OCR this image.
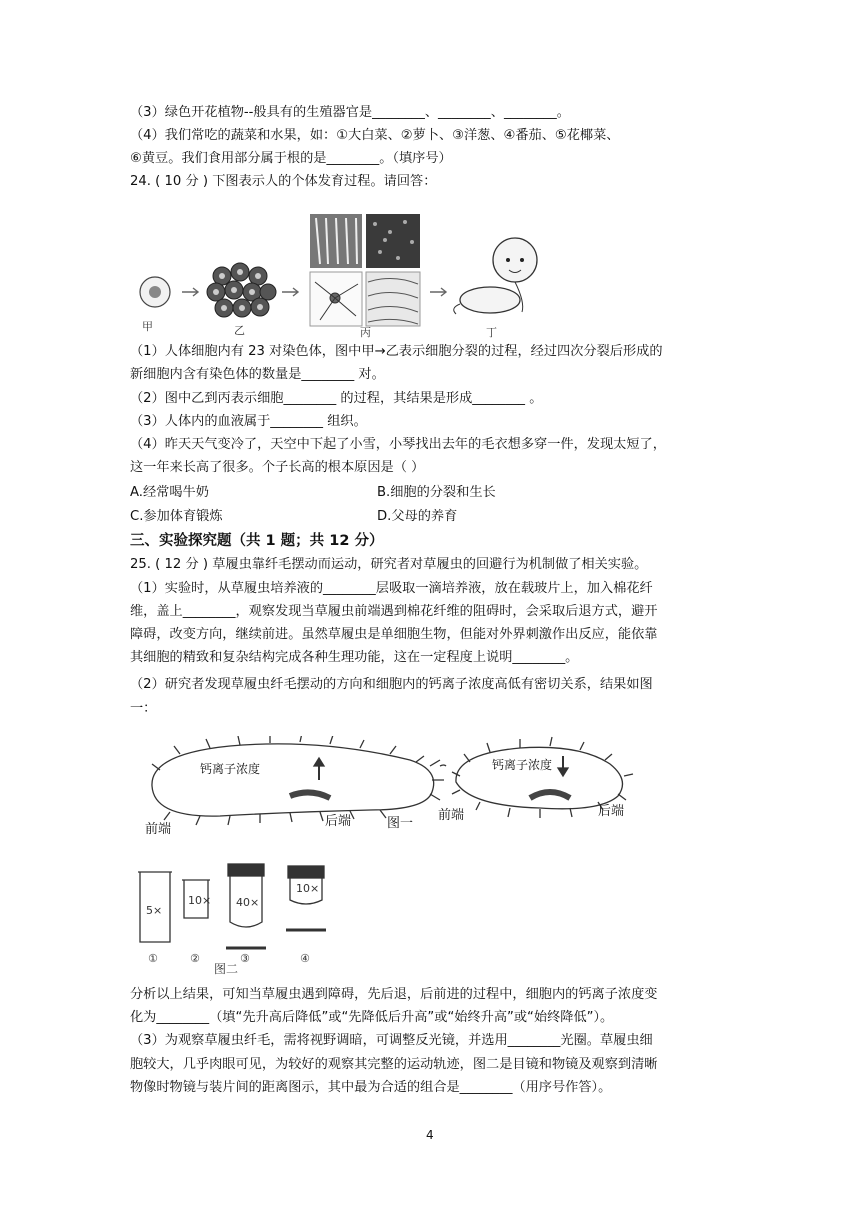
（3）绿色开花植物--般具有的生殖器官是________、________、________。
（4）我们常吃的蔬菜和水果，如：①大白菜、②萝卜、③洋葱、④番茄、⑤花椰菜、
⑥黄豆。我们食用部分属于根的是________。（填序号）
24. ( 10 分 ) 下图表示人的个体发育过程。请回答：
甲	乙	丙	丁
（1）人体细胞内有 23 对染色体，图中甲→乙表示细胞分裂的过程，经过四次分裂后形成的
新细胞内含有染色体的数量是________ 对。
（2）图中乙到丙表示细胞________ 的过程，其结果是形成________ 。
（3）人体内的血液属于________ 组织。
（4）昨天天气变冷了，天空中下起了小雪，小琴找出去年的毛衣想多穿一件，发现太短了，
这一年来长高了很多。个子长高的根本原因是（ ）
A.经常喝牛奶	B.细胞的分裂和生长
C.参加体育锻炼	D.父母的养育
三、实验探究题（共 1 题；共 12 分）
25. ( 12 分 ) 草履虫靠纤毛摆动而运动，研究者对草履虫的回避行为机制做了相关实验。
（1）实验时，从草履虫培养液的________层吸取一滴培养液，放在载玻片上，加入棉花纤
维，盖上________，观察发现当草履虫前端遇到棉花纤维的阻碍时，会采取后退方式，避开
障碍，改变方向，继续前进。虽然草履虫是单细胞生物，但能对外界刺激作出反应，能依靠
其细胞的精致和复杂结构完成各种生理功能，这在一定程度上说明________。
（2）研究者发现草履虫纤毛摆动的方向和细胞内的钙离子浓度高低有密切关系，结果如图
一：
钙离子浓度	钙离子浓度
前端
后端	图一
前端	后端
5×
10× 40×
10×
①	②	③	④
图二
分析以上结果，可知当草履虫遇到障碍，先后退，后前进的过程中，细胞内的钙离子浓度变
化为________（填“先升高后降低”或“先降低后升高”或“始终升高”或“始终降低”）。
（3）为观察草履虫纤毛，需将视野调暗，可调整反光镜，并选用________光圈。草履虫细
胞较大，几乎肉眼可见，为较好的观察其完整的运动轨迹，图二是目镜和物镜及观察到清晰
物像时物镜与装片间的距离图示，其中最为合适的组合是________（用序号作答）。
4
